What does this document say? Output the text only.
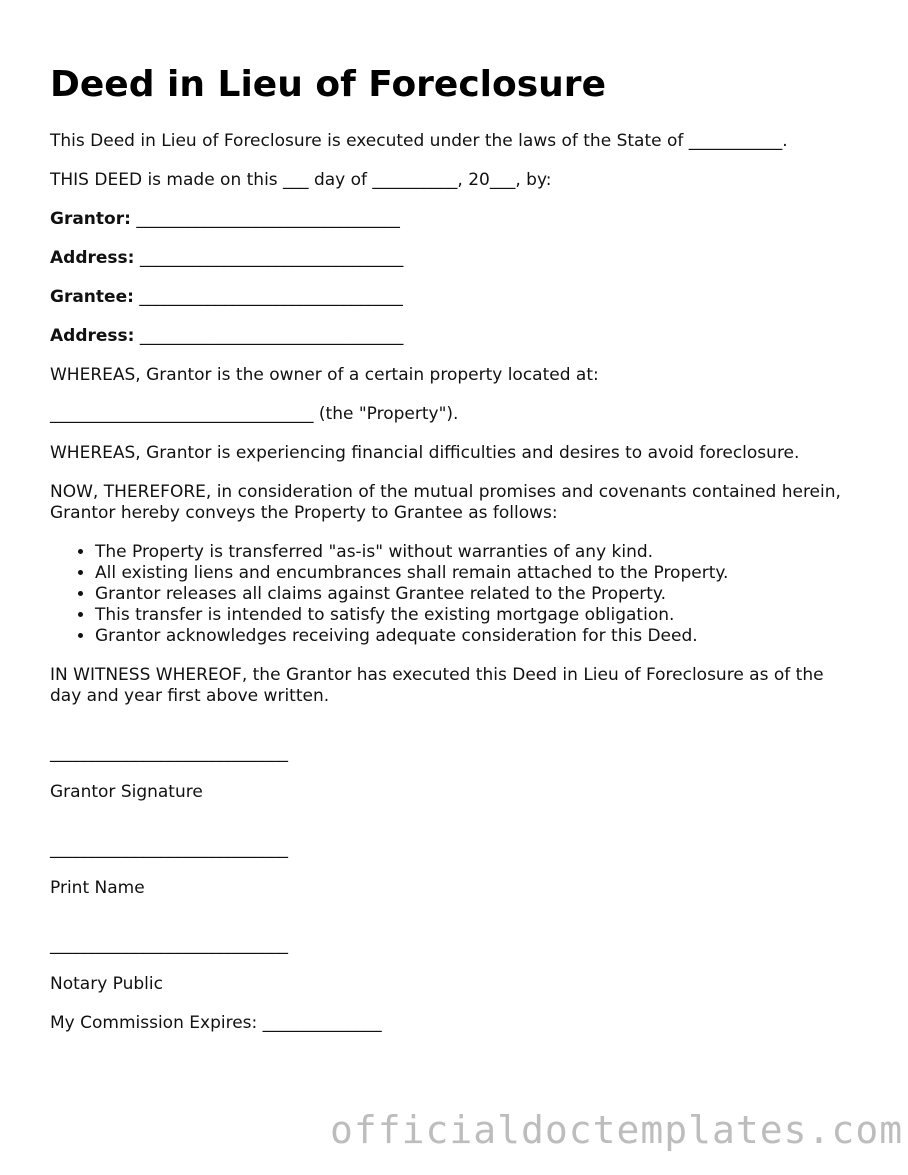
Deed in Lieu of Foreclosure

This Deed in Lieu of Foreclosure is executed under the laws of the State of ___________.

THIS DEED is made on this ___ day of __________, 20___, by:

Grantor: _______________________________

Address: _______________________________

Grantee: _______________________________

Address: _______________________________

WHEREAS, Grantor is the owner of a certain property located at:

_______________________________ (the "Property").

WHEREAS, Grantor is experiencing financial difficulties and desires to avoid foreclosure.

NOW, THEREFORE, in consideration of the mutual promises and covenants contained herein, Grantor hereby conveys the Property to Grantee as follows:

• The Property is transferred "as-is" without warranties of any kind.
• All existing liens and encumbrances shall remain attached to the Property.
• Grantor releases all claims against Grantee related to the Property.
• This transfer is intended to satisfy the existing mortgage obligation.
• Grantor acknowledges receiving adequate consideration for this Deed.

IN WITNESS WHEREOF, the Grantor has executed this Deed in Lieu of Foreclosure as of the day and year first above written.

____________________________

Grantor Signature

____________________________

Print Name

____________________________

Notary Public

My Commission Expires: ______________

officialdoctemplates.com
